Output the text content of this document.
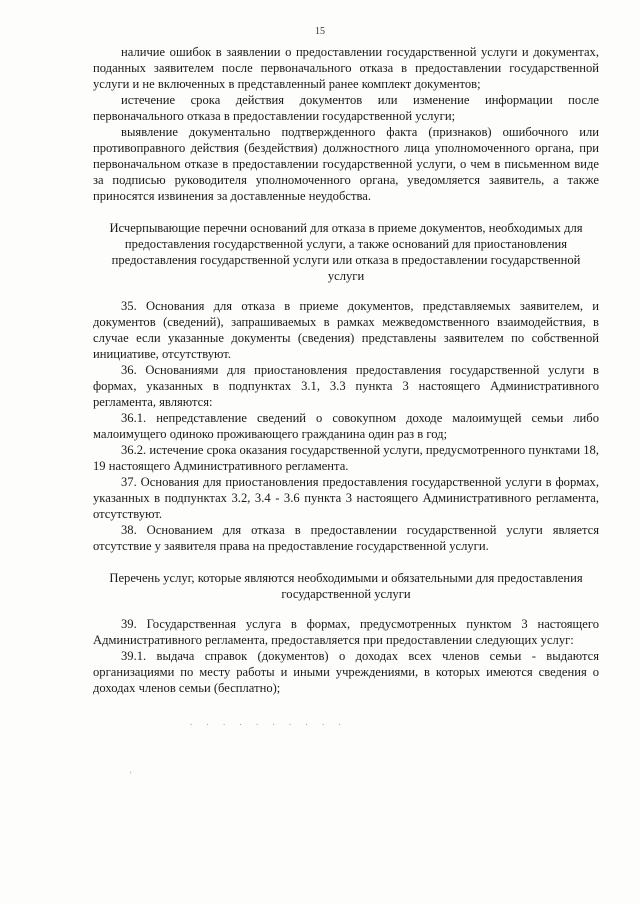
15

наличие ошибок в заявлении о предоставлении государственной услуги и документах, поданных заявителем после первоначального отказа в предоставлении государственной услуги и не включенных в представленный ранее комплект документов;

истечение срока действия документов или изменение информации после первоначального отказа в предоставлении государственной услуги;

выявление документально подтвержденного факта (признаков) ошибочного или противоправного действия (бездействия) должностного лица уполномоченного органа, при первоначальном отказе в предоставлении государственной услуги, о чем в письменном виде за подписью руководителя уполномоченного органа, уведомляется заявитель, а также приносятся извинения за доставленные неудобства.

Исчерпывающие перечни оснований для отказа в приеме документов, необходимых для предоставления государственной услуги, а также оснований для приостановления предоставления государственной услуги или отказа в предоставлении государственной услуги

35. Основания для отказа в приеме документов, представляемых заявителем, и документов (сведений), запрашиваемых в рамках межведомственного взаимодействия, в случае если указанные документы (сведения) представлены заявителем по собственной инициативе, отсутствуют.

36. Основаниями для приостановления предоставления государственной услуги в формах, указанных в подпунктах 3.1, 3.3 пункта 3 настоящего Административного регламента, являются:

36.1. непредставление сведений о совокупном доходе малоимущей семьи либо малоимущего одиноко проживающего гражданина один раз в год;

36.2. истечение срока оказания государственной услуги, предусмотренного пунктами 18, 19 настоящего Административного регламента.

37. Основания для приостановления предоставления государственной услуги в формах, указанных в подпунктах 3.2, 3.4 - 3.6 пункта 3 настоящего Административного регламента, отсутствуют.

38. Основанием для отказа в предоставлении государственной услуги является отсутствие у заявителя права на предоставление государственной услуги.

Перечень услуг, которые являются необходимыми и обязательными для предоставления государственной услуги

39. Государственная услуга в формах, предусмотренных пунктом 3 настоящего Административного регламента, предоставляется при предоставлении следующих услуг:

39.1. выдача справок (документов) о доходах всех членов семьи - выдаются организациями по месту работы и иными учреждениями, в которых имеются сведения о доходах членов семьи (бесплатно);

. . . . . . . . . .
'
